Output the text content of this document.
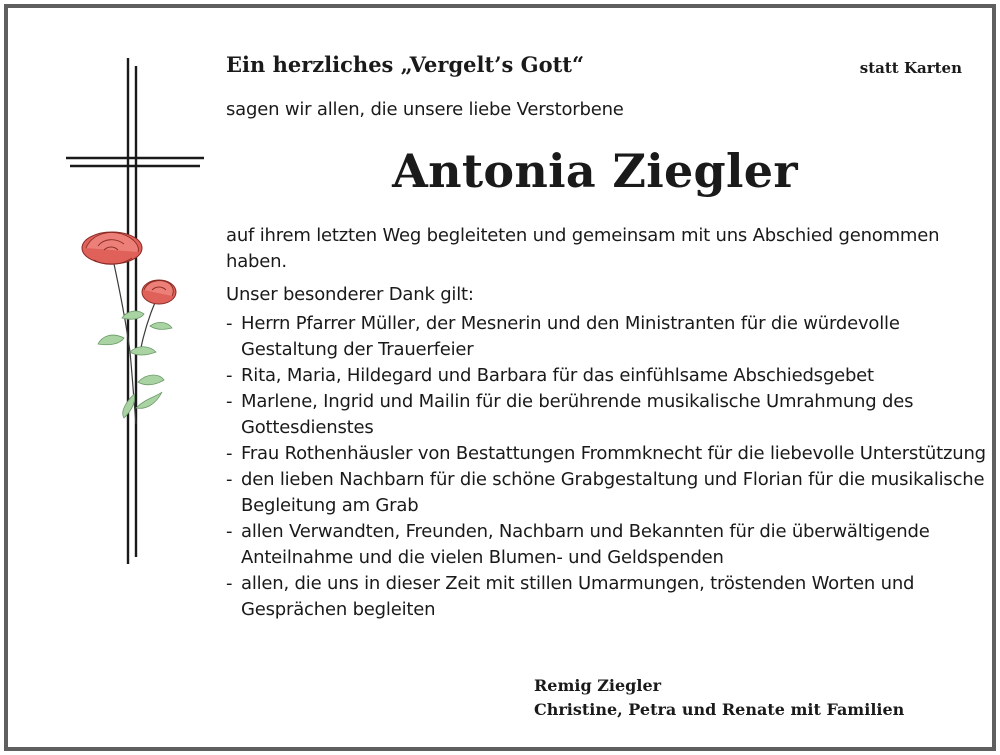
Ein herzliches „Vergelt’s Gott“	statt Karten
sagen wir allen, die unsere liebe Verstorbene
Antonia Ziegler

auf ihrem letzten Weg begleiteten und gemeinsam mit uns Abschied genommen haben.

Unser besonderer Dank gilt:

- Herrn Pfarrer Müller, der Mesnerin und den Ministranten für die würdevolle Gestaltung der Trauerfeier
- Rita, Maria, Hildegard und Barbara für das einfühlsame Abschiedsgebet
- Marlene, Ingrid und Mailin für die berührende musikalische Umrahmung des Gottesdienstes
- Frau Rothenhäusler von Bestattungen Frommknecht für die liebevolle Unterstützung
- den lieben Nachbarn für die schöne Grabgestaltung und Florian für die musikalische Begleitung am Grab
- allen Verwandten, Freunden, Nachbarn und Bekannten für die überwältigende Anteilnahme und die vielen Blumen- und Geldspenden
- allen, die uns in dieser Zeit mit stillen Umarmungen, tröstenden Worten und Gesprächen begleiten
Remig Ziegler
Christine, Petra und Renate mit Familien
